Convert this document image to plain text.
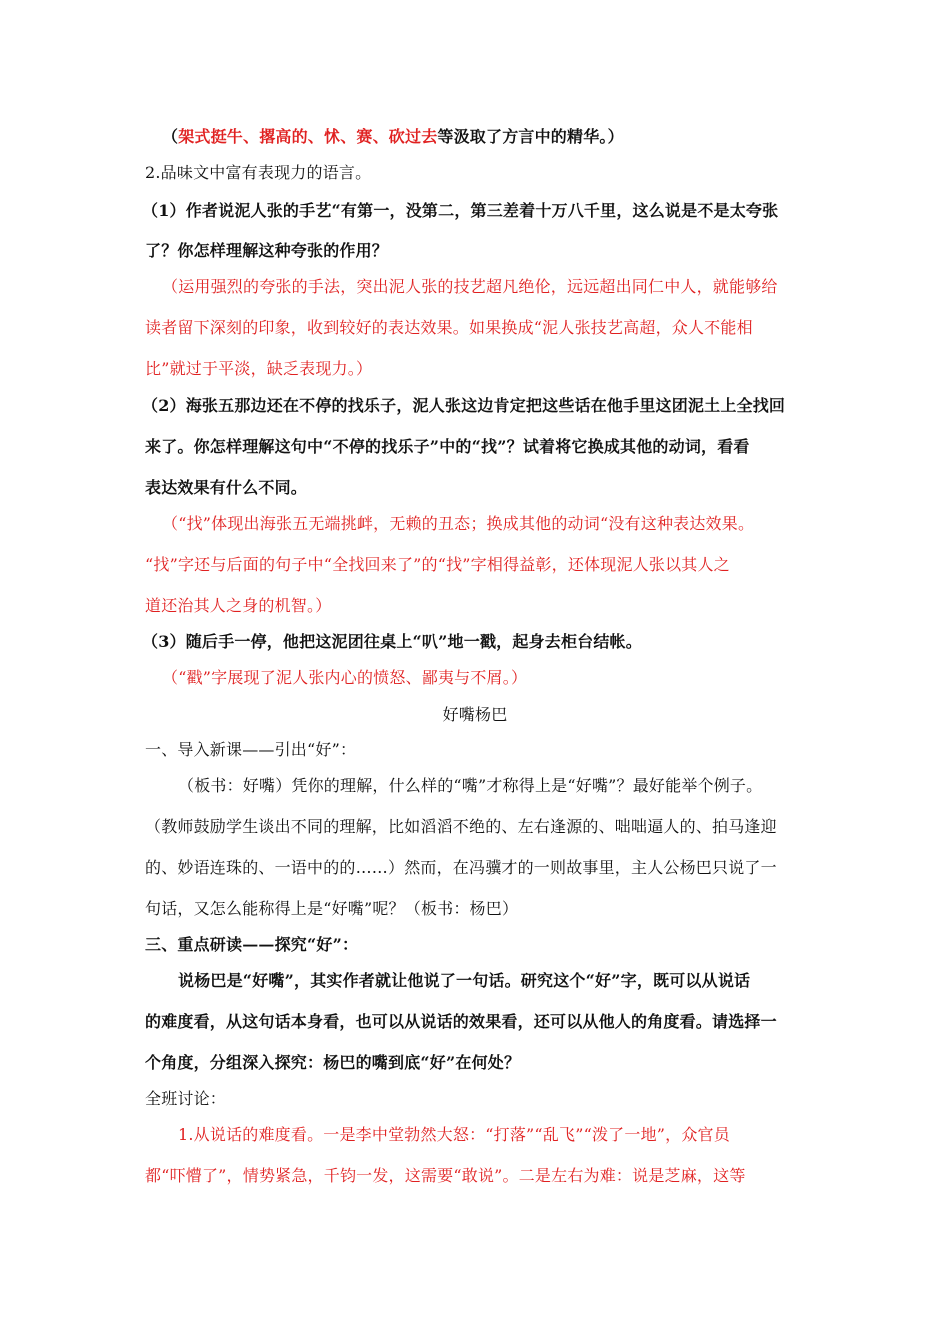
（架式挺牛、撂高的、怵、赛、砍过去等汲取了方言中的精华。）
2.品味文中富有表现力的语言。
（1）作者说泥人张的手艺“有第一，没第二，第三差着十万八千里，这么说是不是太夸张
了？你怎样理解这种夸张的作用？
（运用强烈的夸张的手法，突出泥人张的技艺超凡绝伦，远远超出同仁中人，就能够给
读者留下深刻的印象，收到较好的表达效果。如果换成“泥人张技艺高超，众人不能相
比”就过于平淡，缺乏表现力。）
（2）海张五那边还在不停的找乐子，泥人张这边肯定把这些话在他手里这团泥土上全找回
来了。你怎样理解这句中“不停的找乐子”中的“找”？试着将它换成其他的动词，看看
表达效果有什么不同。
（“找”体现出海张五无端挑衅，无赖的丑态；换成其他的动词“没有这种表达效果。
“找”字还与后面的句子中“全找回来了”的“找”字相得益彰，还体现泥人张以其人之
道还治其人之身的机智。）
（3）随后手一停，他把这泥团往桌上“叭”地一戳，起身去柜台结帐。
（“戳”字展现了泥人张内心的愤怒、鄙夷与不屑。）
好嘴杨巴
一、导入新课——引出“好”：
（板书：好嘴）凭你的理解，什么样的“嘴”才称得上是“好嘴”？最好能举个例子。
（教师鼓励学生谈出不同的理解，比如滔滔不绝的、左右逢源的、咄咄逼人的、拍马逢迎
的、妙语连珠的、一语中的的……）然而，在冯骥才的一则故事里，主人公杨巴只说了一
句话，又怎么能称得上是“好嘴”呢？（板书：杨巴）
三、重点研读——探究“好”：
说杨巴是“好嘴”，其实作者就让他说了一句话。研究这个“好”字，既可以从说话
的难度看，从这句话本身看，也可以从说话的效果看，还可以从他人的角度看。请选择一
个角度，分组深入探究：杨巴的嘴到底“好”在何处？
全班讨论：
1.从说话的难度看。一是李中堂勃然大怒：“打落”“乱飞”“泼了一地”，众官员
都“吓懵了”，情势紧急，千钧一发，这需要“敢说”。二是左右为难：说是芝麻，这等
